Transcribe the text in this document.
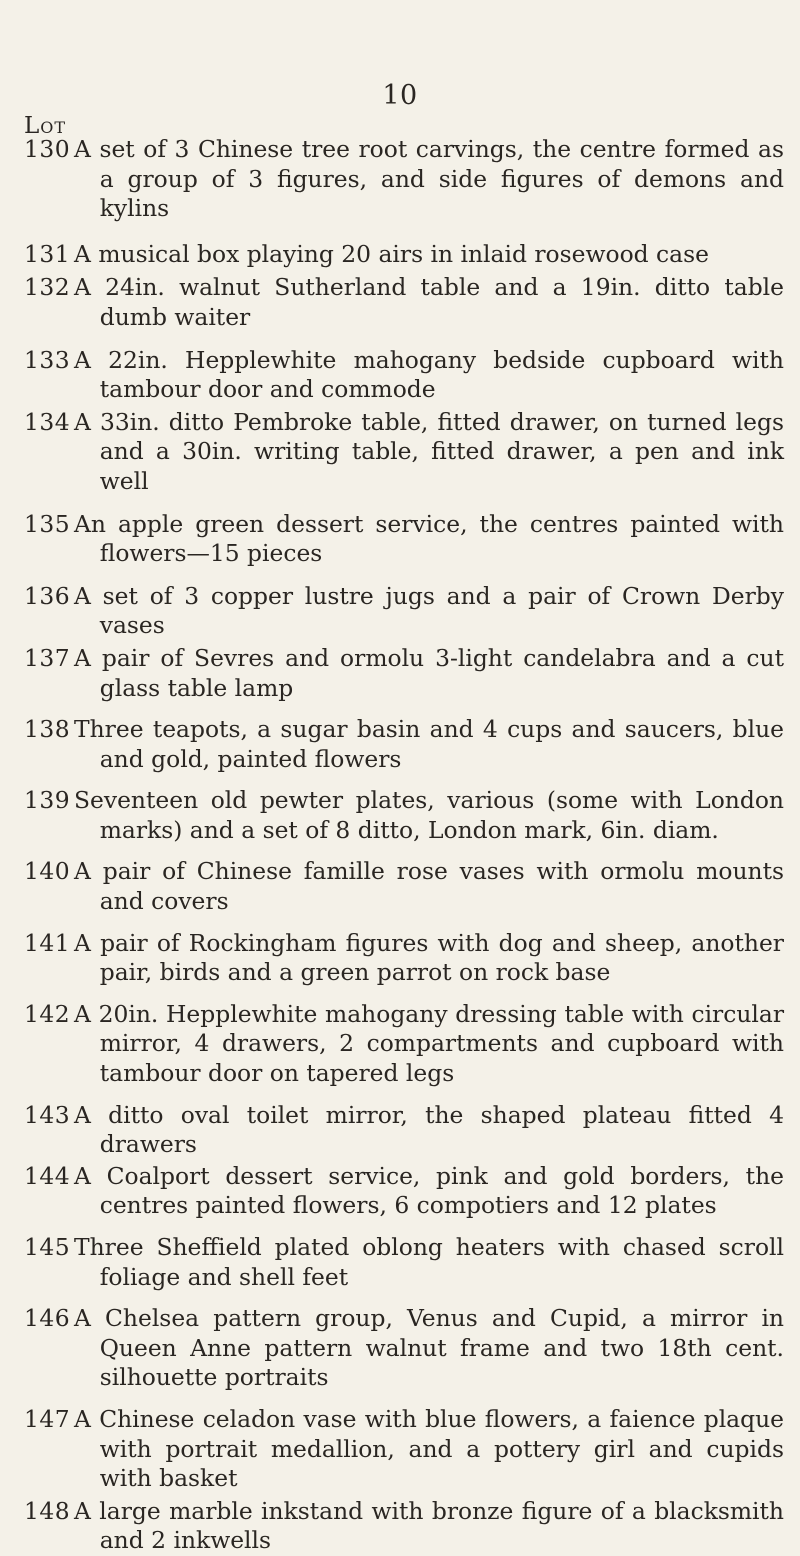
10
Lot
130 A set of 3 Chinese tree root carvings, the centre formed as a group of 3 figures, and side figures of demons and kylins
131 A musical box playing 20 airs in inlaid rosewood case
132 A 24in. walnut Sutherland table and a 19in. ditto table dumb waiter
133 A 22in. Hepplewhite mahogany bedside cupboard with tambour door and commode
134 A 33in. ditto Pembroke table, fitted drawer, on turned legs and a 30in. writing table, fitted drawer, a pen and ink well
135 An apple green dessert service, the centres painted with flowers—15 pieces
136 A set of 3 copper lustre jugs and a pair of Crown Derby vases
137 A pair of Sevres and ormolu 3-light candelabra and a cut glass table lamp
138 Three teapots, a sugar basin and 4 cups and saucers, blue and gold, painted flowers
139 Seventeen old pewter plates, various (some with London marks) and a set of 8 ditto, London mark, 6in. diam.
140 A pair of Chinese famille rose vases with ormolu mounts and covers
141 A pair of Rockingham figures with dog and sheep, another pair, birds and a green parrot on rock base
142 A 20in. Hepplewhite mahogany dressing table with circular mirror, 4 drawers, 2 compartments and cupboard with tambour door on tapered legs
143 A ditto oval toilet mirror, the shaped plateau fitted 4 drawers
144 A Coalport dessert service, pink and gold borders, the centres painted flowers, 6 compotiers and 12 plates
145 Three Sheffield plated oblong heaters with chased scroll foliage and shell feet
146 A Chelsea pattern group, Venus and Cupid, a mirror in Queen Anne pattern walnut frame and two 18th cent. silhouette portraits
147 A Chinese celadon vase with blue flowers, a faience plaque with portrait medallion, and a pottery girl and cupids with basket
148 A large marble inkstand with bronze figure of a blacksmith and 2 inkwells
